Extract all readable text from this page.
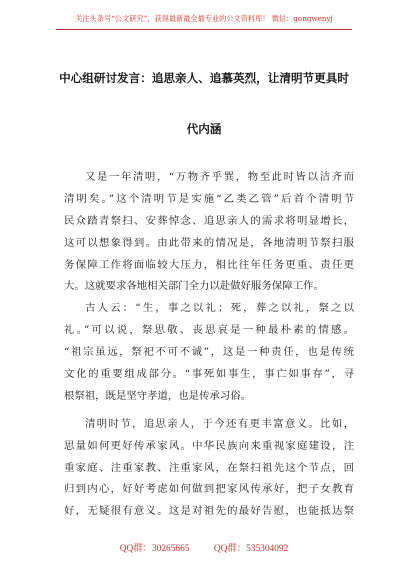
关注头条号“公文研究”，获得最新最全最专业的公文资料库！ 微信：gongwenyj
中心组研讨发言：追思亲人、追慕英烈，让清明节更具时
代内涵
又是一年清明，“万物齐乎巽，物至此时皆以洁齐而
清明矣。”这个清明节是实施“乙类乙管”后首个清明节
民众踏青祭扫、安葬悼念、追思亲人的需求将明显增长，
这可以想象得到。由此带来的情况是，各地清明节祭扫服
务保障工作将面临较大压力，相比往年任务更重、责任更
大。这就要求各地相关部门全力以赴做好服务保障工作。
古人云：“生，事之以礼；死，葬之以礼，祭之以
礼。”可以说，祭思敬、丧思哀是一种最朴素的情感。
“祖宗虽远，祭祀不可不诚”，这是一种责任，也是传统
文化的重要组成部分。“事死如事生，事亡如事存”，寻
根祭祖，既是坚守孝道，也是传承习俗。
清明时节，追思亲人，于今还有更丰富意义。比如，
思量如何更好传承家风。中华民族向来重视家庭建设，注
重家庭、注重家教、注重家风，在祭扫祖先这个节点，回
归到内心，好好考虑如何做到把家风传承好，把子女教育
好，无疑很有意义。这是对祖先的最好告慰，也能抵达祭
QQ群：30265665	QQ群：535304092
